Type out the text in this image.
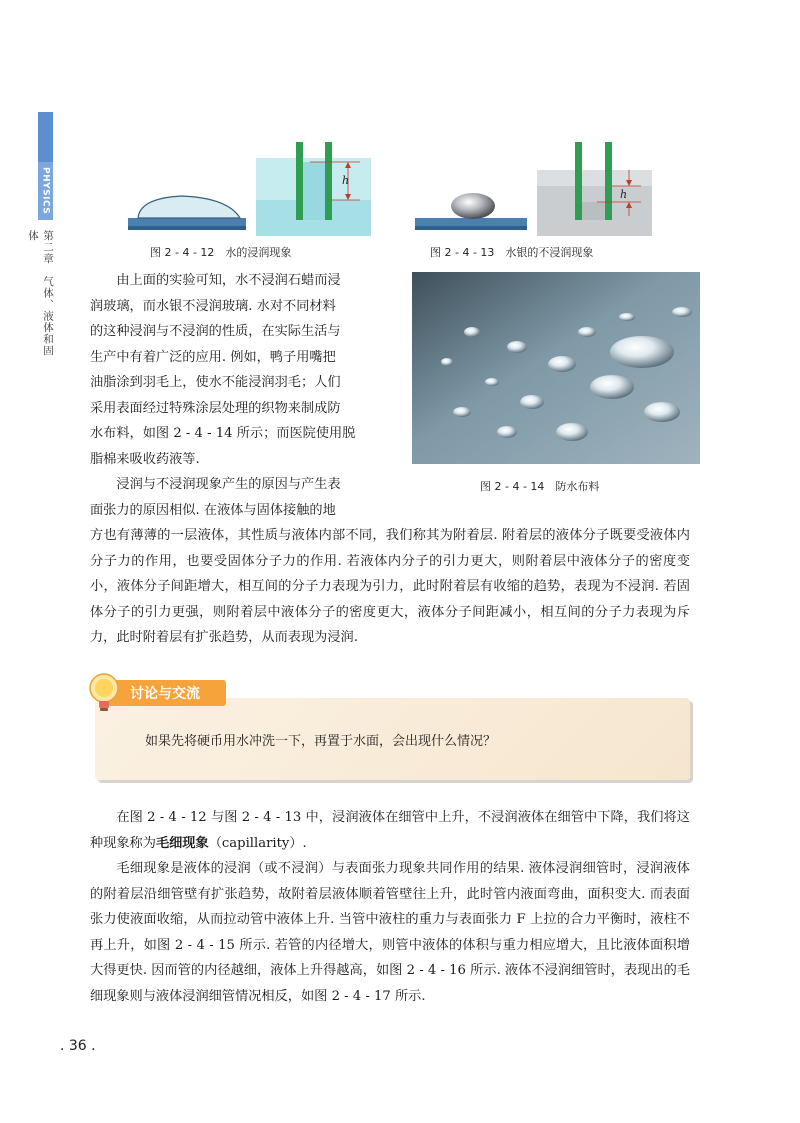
PHYSICS
第二章　气体、液体和固体
h
图 2 - 4 - 12　水的浸润现象
h
图 2 - 4 - 13　水银的不浸润现象

由上面的实验可知，水不浸润石蜡而浸
润玻璃，而水银不浸润玻璃. 水对不同材料
的这种浸润与不浸润的性质，在实际生活与
生产中有着广泛的应用. 例如，鸭子用嘴把
油脂涂到羽毛上，使水不能浸润羽毛；人们
采用表面经过特殊涂层处理的织物来制成防
水布料，如图 2 - 4 - 14 所示；而医院使用脱
脂棉来吸收药液等.

图 2 - 4 - 14　防水布料

浸润与不浸润现象产生的原因与产生表
面张力的原因相似. 在液体与固体接触的地

方也有薄薄的一层液体，其性质与液体内部不同，我们称其为附着层. 附着层的液体分子既要受液体内分子力的作用，也要受固体分子力的作用. 若液体内分子的引力更大，则附着层中液体分子的密度变小，液体分子间距增大，相互间的分子力表现为引力，此时附着层有收缩的趋势，表现为不浸润. 若固体分子的引力更强，则附着层中液体分子的密度更大，液体分子间距减小，相互间的分子力表现为斥力，此时附着层有扩张趋势，从而表现为浸润.

讨论与交流
如果先将硬币用水冲洗一下，再置于水面，会出现什么情况？

在图 2 - 4 - 12 与图 2 - 4 - 13 中，浸润液体在细管中上升，不浸润液体在细管中下降，我们将这种现象称为毛细现象（capillarity）.

毛细现象是液体的浸润（或不浸润）与表面张力现象共同作用的结果. 液体浸润细管时，浸润液体的附着层沿细管壁有扩张趋势，故附着层液体顺着管壁往上升，此时管内液面弯曲，面积变大. 而表面张力使液面收缩，从而拉动管中液体上升. 当管中液柱的重力与表面张力 F 上拉的合力平衡时，液柱不再上升，如图 2 - 4 - 15 所示. 若管的内径增大，则管中液体的体积与重力相应增大，且比液体面积增大得更快. 因而管的内径越细，液体上升得越高，如图 2 - 4 - 16 所示. 液体不浸润细管时，表现出的毛细现象则与液体浸润细管情况相反，如图 2 - 4 - 17 所示.

. 36 .
